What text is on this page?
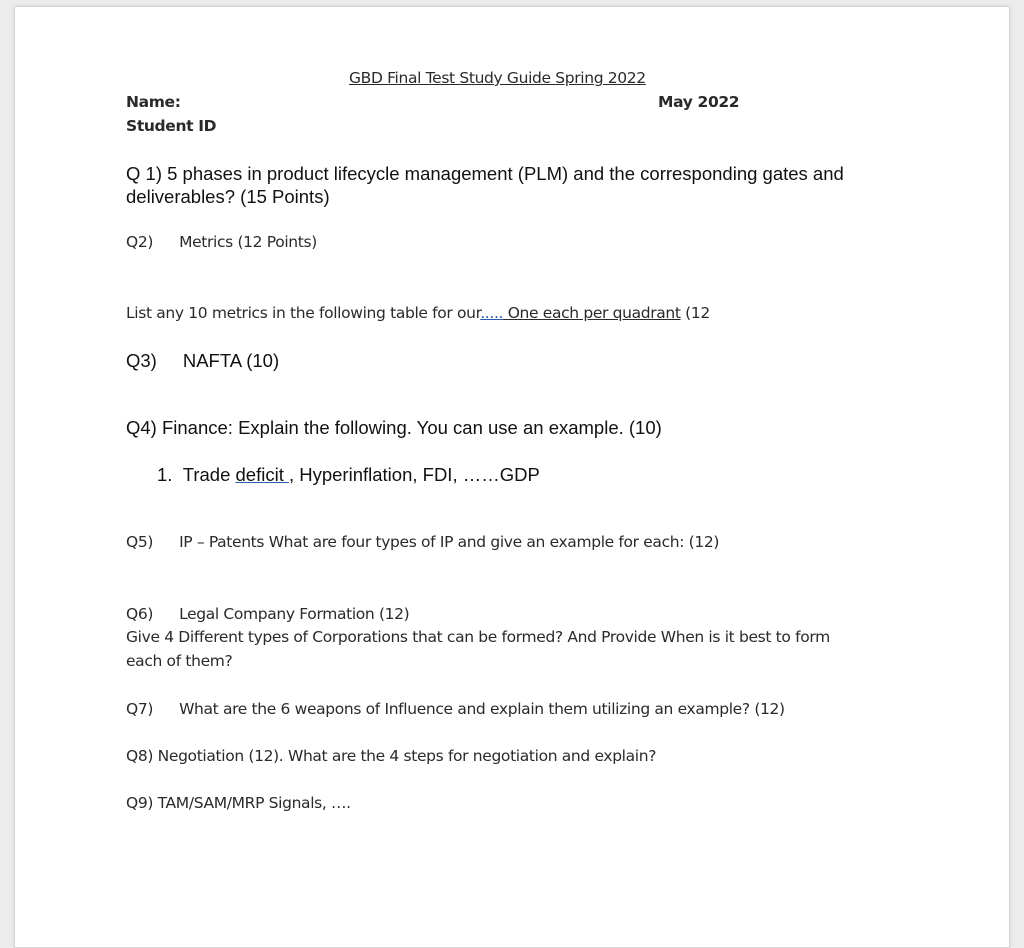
GBD Final Test Study Guide Spring 2022
Name:	May 2022
Student ID
Q 1) 5 phases in product lifecycle management (PLM) and the corresponding gates and
deliverables? (15 Points)
Q2) Metrics (12 Points)
List any 10 metrics in the following table for our..... One each per quadrant (12
Q3) NAFTA (10)
Q4) Finance: Explain the following. You can use an example. (10)
1. Trade deficit , Hyperinflation, FDI, ……GDP
Q5) IP – Patents What are four types of IP and give an example for each: (12)
Q6) Legal Company Formation (12)
Give 4 Different types of Corporations that can be formed? And Provide When is it best to form
each of them?
Q7) What are the 6 weapons of Influence and explain them utilizing an example? (12)
Q8) Negotiation (12). What are the 4 steps for negotiation and explain?
Q9) TAM/SAM/MRP Signals, ….
